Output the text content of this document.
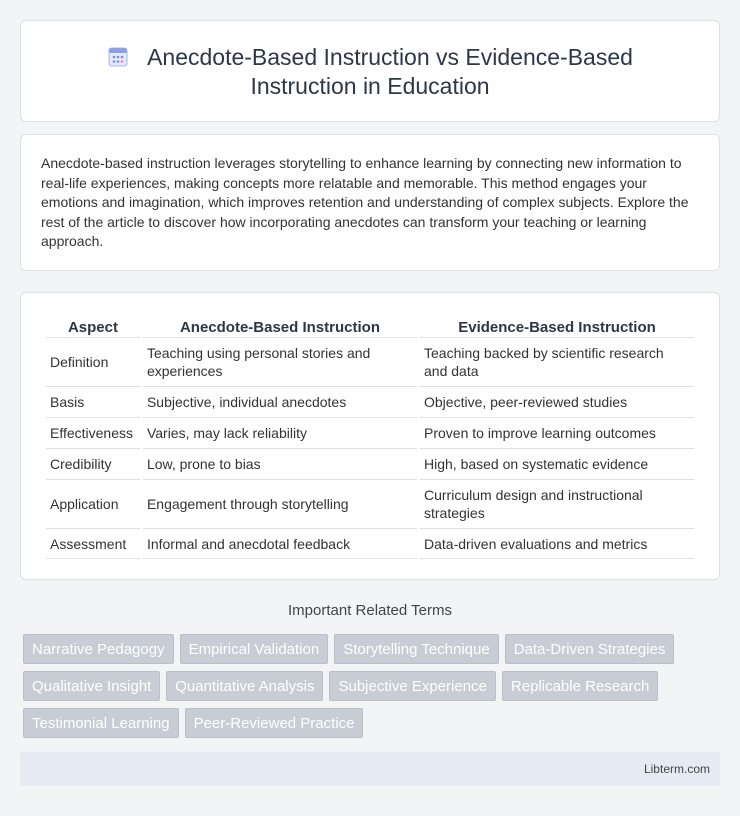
Anecdote-Based Instruction vs Evidence-Based
Instruction in Education

Anecdote-based instruction leverages storytelling to enhance learning by connecting new information to real-life experiences, making concepts more relatable and memorable. This method engages your emotions and imagination, which improves retention and understanding of complex subjects. Explore the rest of the article to discover how incorporating anecdotes can transform your teaching or learning approach.

Aspect	Anecdote-Based Instruction	Evidence-Based Instruction
Definition	Teaching using personal stories and experiences	Teaching backed by scientific research and data
Basis	Subjective, individual anecdotes	Objective, peer-reviewed studies
Effectiveness	Varies, may lack reliability	Proven to improve learning outcomes
Credibility	Low, prone to bias	High, based on systematic evidence
Application	Engagement through storytelling	Curriculum design and instructional strategies
Assessment	Informal and anecdotal feedback	Data-driven evaluations and metrics
Important Related Terms
Narrative Pedagogy	Empirical Validation	Storytelling Technique	Data-Driven Strategies
Qualitative Insight	Quantitative Analysis	Subjective Experience	Replicable Research
Testimonial Learning	Peer-Reviewed Practice
Libterm.com
